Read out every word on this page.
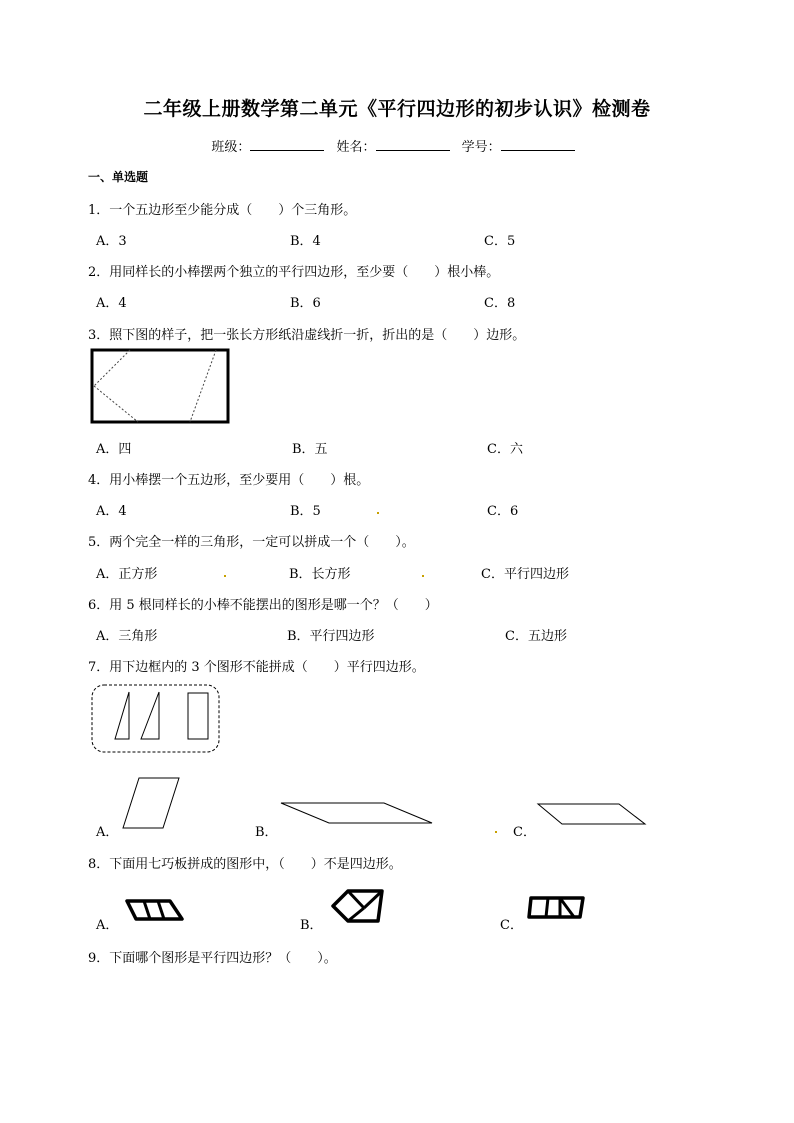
二年级上册数学第二单元《平行四边形的初步认识》检测卷
班级：	姓名：	学号：
一、单选题
1．一个五边形至少能分成（　　）个三角形。
A．3	B．4	C．5
2．用同样长的小棒摆两个独立的平行四边形，至少要（　　）根小棒。
A．4	B．6	C．8
3．照下图的样子，把一张长方形纸沿虚线折一折，折出的是（　　）边形。
A．四	B．五	C．六
4．用小棒摆一个五边形，至少要用（　　）根。
A．4	B．5	C．6
5．两个完全一样的三角形，一定可以拼成一个（　　）。
A．正方形	B．长方形	C．平行四边形
6．用 5 根同样长的小棒不能摆出的图形是哪一个？（　　）
A．三角形	B．平行四边形	C．五边形
7．用下边框内的 3 个图形不能拼成（　　）平行四边形。
A．	B．	C．
8．下面用七巧板拼成的图形中，（　　）不是四边形。
A．	B．	C．
9．下面哪个图形是平行四边形？（　　）。
